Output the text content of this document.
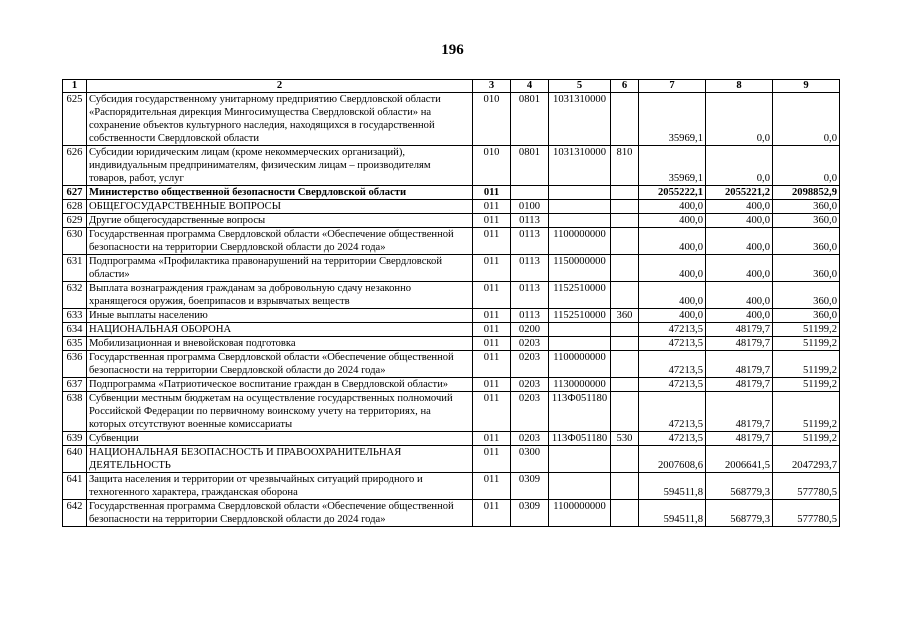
196
1	2	3	4	5	6	7	8	9
625	Субсидия государственному унитарному предприятию Свердловской области «Распорядительная дирекция Мингосимущества Свердловской области» на сохранение объектов культурного наследия, находящихся в государственной собственности Свердловской области	010	0801	1031310000		35969,1	0,0	0,0
626	Субсидии юридическим лицам (кроме некоммерческих организаций), индивидуальным предпринимателям, физическим лицам – производителям товаров, работ, услуг	010	0801	1031310000	810	35969,1	0,0	0,0
627	Министерство общественной безопасности Свердловской области	011				2055222,1	2055221,2	2098852,9
628	ОБЩЕГОСУДАРСТВЕННЫЕ ВОПРОСЫ	011	0100			400,0	400,0	360,0
629	Другие общегосударственные вопросы	011	0113			400,0	400,0	360,0
630	Государственная программа Свердловской области «Обеспечение общественной безопасности на территории Свердловской области до 2024 года»	011	0113	1100000000		400,0	400,0	360,0
631	Подпрограмма «Профилактика правонарушений на территории Свердловской области»	011	0113	1150000000		400,0	400,0	360,0
632	Выплата вознаграждения гражданам за добровольную сдачу незаконно хранящегося оружия, боеприпасов и взрывчатых веществ	011	0113	1152510000		400,0	400,0	360,0
633	Иные выплаты населению	011	0113	1152510000	360	400,0	400,0	360,0
634	НАЦИОНАЛЬНАЯ ОБОРОНА	011	0200			47213,5	48179,7	51199,2
635	Мобилизационная и вневойсковая подготовка	011	0203			47213,5	48179,7	51199,2
636	Государственная программа Свердловской области «Обеспечение общественной безопасности на территории Свердловской области до 2024 года»	011	0203	1100000000		47213,5	48179,7	51199,2
637	Подпрограмма «Патриотическое воспитание граждан в Свердловской области»	011	0203	1130000000		47213,5	48179,7	51199,2
638	Субвенции местным бюджетам на осуществление государственных полномочий Российской Федерации по первичному воинскому учету на территориях, на которых отсутствуют военные комиссариаты	011	0203	113Ф051180		47213,5	48179,7	51199,2
639	Субвенции	011	0203	113Ф051180	530	47213,5	48179,7	51199,2
640	НАЦИОНАЛЬНАЯ БЕЗОПАСНОСТЬ И ПРАВООХРАНИТЕЛЬНАЯ ДЕЯТЕЛЬНОСТЬ	011	0300			2007608,6	2006641,5	2047293,7
641	Защита населения и территории от чрезвычайных ситуаций природного и техногенного характера, гражданская оборона	011	0309			594511,8	568779,3	577780,5
642	Государственная программа Свердловской области «Обеспечение общественной безопасности на территории Свердловской области до 2024 года»	011	0309	1100000000		594511,8	568779,3	577780,5
